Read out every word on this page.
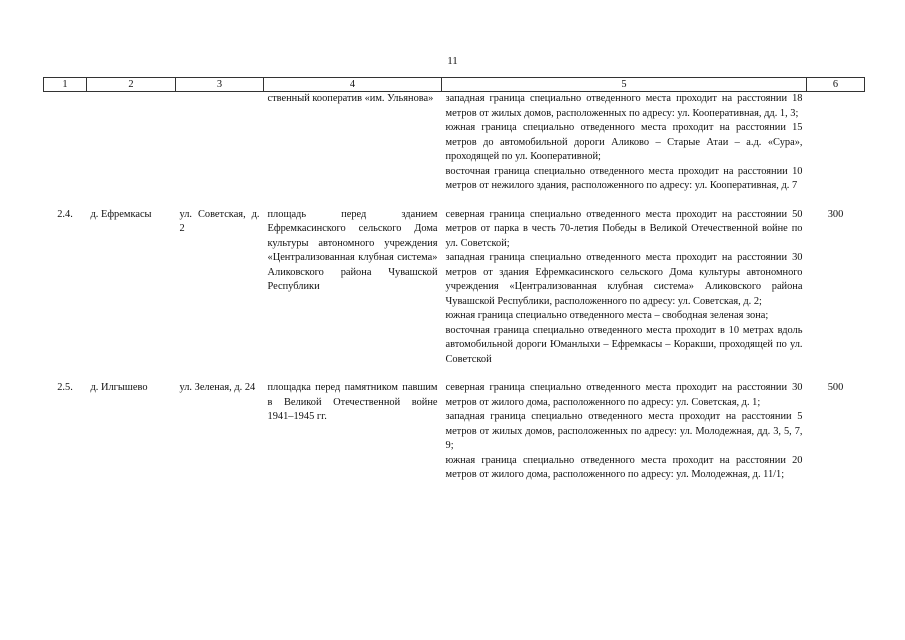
11
1	2	3	4	5	6

			ственный кооператив «им. Ульянова»	западная граница специально отведенного места проходит на расстоянии 18 метров от жилых домов, расположенных по адресу: ул. Кооперативная, дд. 1, 3;
южная граница специально отведенного места проходит на расстоянии 15 метров до автомобильной дороги Аликово – Старые Атаи – а.д. «Сура», проходящей по ул. Кооперативной;
восточная граница специально отведенного места проходит на расстоянии 10 метров от нежилого здания, расположенного по адресу: ул. Кооперативная, д. 7	

2.4.	д. Ефремкасы	ул. Советская, д. 2	площадь перед зданием Ефремкасинского сельского Дома культуры автономного учреждения «Централизованная клубная система» Аликовского района Чувашской Республики	северная граница специально отведенного места проходит на расстоянии 50 метров от парка в честь 70-летия Победы в Великой Отечественной войне по ул. Советской;
западная граница специально отведенного места проходит на расстоянии 30 метров от здания Ефремкасинского сельского Дома культуры автономного учреждения «Централизованная клубная система» Аликовского района Чувашской Республики, расположенного по адресу: ул. Советская, д. 2;
южная граница специально отведенного места – свободная зеленая зона;
восточная граница специально отведенного места проходит в 10 метрах вдоль автомобильной дороги Юманлыхи – Ефремкасы – Коракши, проходящей по ул. Советской	300

2.5.	д. Илгышево	ул. Зеленая, д. 24	площадка перед памятником павшим в Великой Отечественной войне 1941–1945 гг.	северная граница специально отведенного места проходит на расстоянии 30 метров от жилого дома, расположенного по адресу: ул. Советская, д. 1;
западная граница специально отведенного места проходит на расстоянии 5 метров от жилых домов, расположенных по адресу: ул. Молодежная, дд. 3, 5, 7, 9;
южная граница специально отведенного места проходит на расстоянии 20 метров от жилого дома, расположенного по адресу: ул. Молодежная, д. 11/1;	500
